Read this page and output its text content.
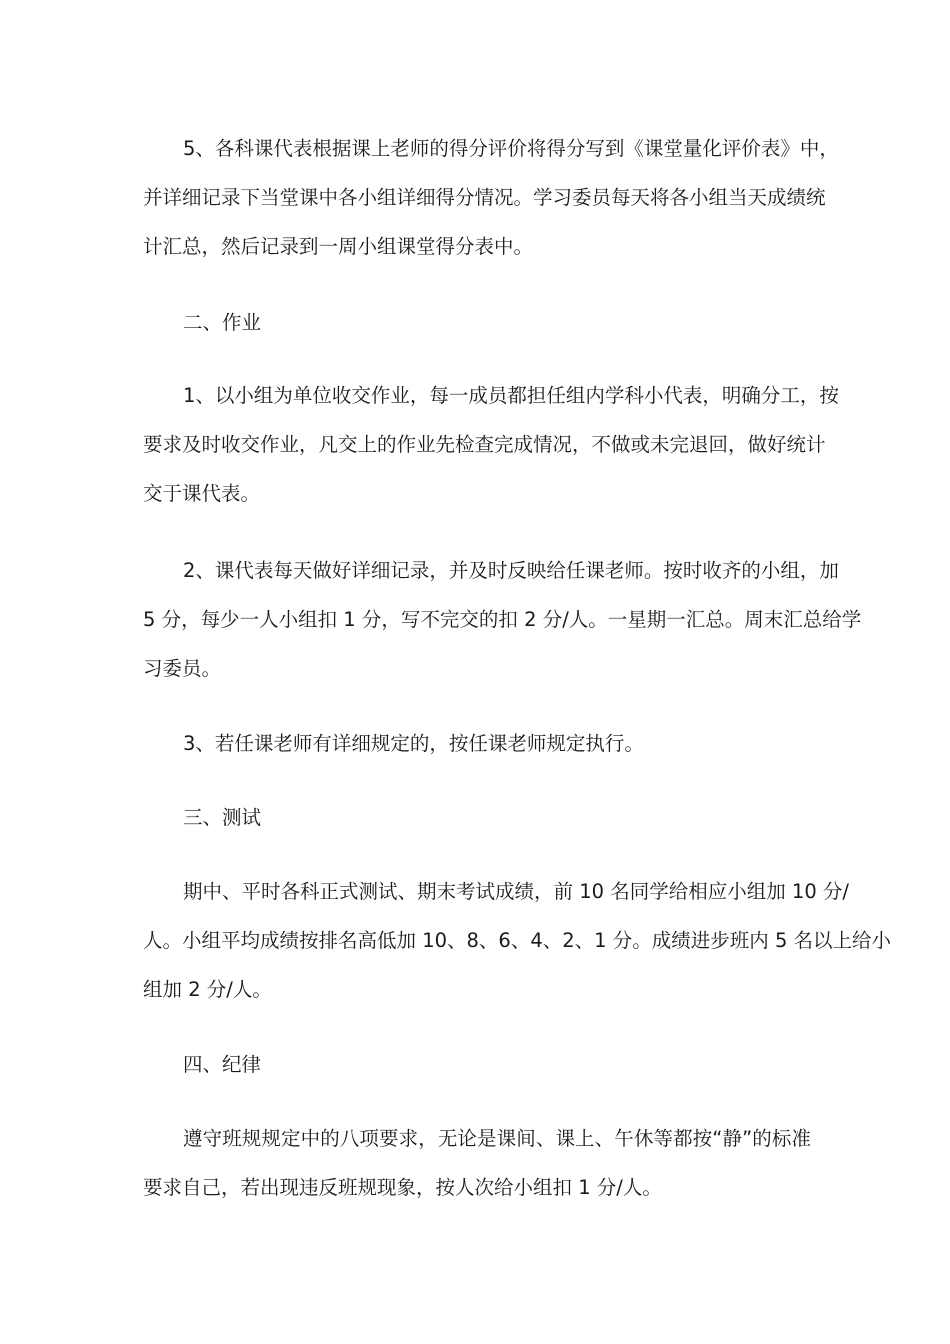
5、各科课代表根据课上老师的得分评价将得分写到《课堂量化评价表》中，
并详细记录下当堂课中各小组详细得分情况。学习委员每天将各小组当天成绩统
计汇总，然后记录到一周小组课堂得分表中。
二、作业
1、以小组为单位收交作业，每一成员都担任组内学科小代表，明确分工，按
要求及时收交作业，凡交上的作业先检查完成情况，不做或未完退回，做好统计
交于课代表。
2、课代表每天做好详细记录，并及时反映给任课老师。按时收齐的小组，加
5 分，每少一人小组扣 1 分，写不完交的扣 2 分/人。一星期一汇总。周末汇总给学
习委员。
3、若任课老师有详细规定的，按任课老师规定执行。
三、测试
期中、平时各科正式测试、期末考试成绩，前 10 名同学给相应小组加 10 分/
人。小组平均成绩按排名高低加 10、8、6、4、2、1 分。成绩进步班内 5 名以上给小
组加 2 分/人。
四、纪律
遵守班规规定中的八项要求，无论是课间、课上、午休等都按“静”的标准
要求自己，若出现违反班规现象，按人次给小组扣 1 分/人。
